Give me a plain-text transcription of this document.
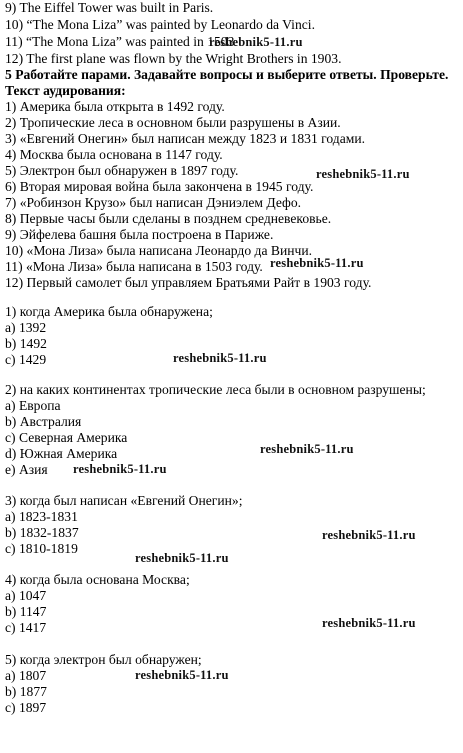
9) The Eiffel Tower was built in Paris.
10) “The Mona Liza” was painted by Leonardo da Vinci.
11) “The Mona Liza” was painted in 1503
12) The first plane was flown by the Wright Brothers in 1903.
5 Работайте парами. Задавайте вопросы и выберите ответы. Проверьте.
Текст аудирования:
1) Америка была открыта в 1492 году.
2) Тропические леса в основном были разрушены в Азии.
3) «Евгений Онегин» был написан между 1823 и 1831 годами.
4) Москва была основана в 1147 году.
5) Электрон был обнаружен в 1897 году.
6) Вторая мировая война была закончена в 1945 году.
7) «Робинзон Крузо» был написан Дэниэлем Дефо.
8) Первые часы были сделаны в позднем средневековье.
9) Эйфелева башня была построена в Париже.
10) «Мона Лиза» была написана Леонардо да Винчи.
11) «Мона Лиза» была написана в 1503 году.
12) Первый самолет был управляем Братьями Райт в 1903 году.
1) когда Америка была обнаружена;
a) 1392
b) 1492
c) 1429
2) на каких континентах тропические леса были в основном разрушены;
a) Европа
b) Австралия
c) Северная Америка
d) Южная Америка
e) Азия
3) когда был написан «Евгений Онегин»;
a) 1823-1831
b) 1832-1837
c) 1810-1819
4) когда была основана Москва;
a) 1047
b) 1147
c) 1417
5) когда электрон был обнаружен;
a) 1807
b) 1877
c) 1897
reshebnik5-11.ru
reshebnik5-11.ru
reshebnik5-11.ru
reshebnik5-11.ru
reshebnik5-11.ru
reshebnik5-11.ru
reshebnik5-11.ru
reshebnik5-11.ru
reshebnik5-11.ru
reshebnik5-11.ru
